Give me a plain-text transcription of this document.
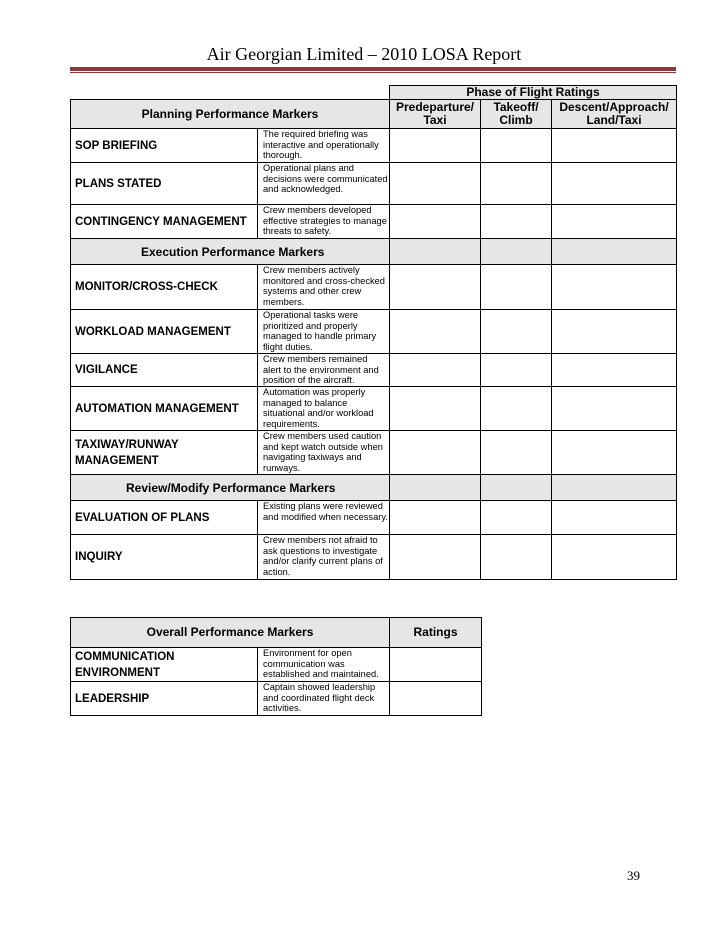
Air Georgian Limited – 2010 LOSA Report
		Phase of Flight Ratings		
Planning Performance Markers		Predeparture/ Taxi	Takeoff/ Climb	Descent/Approach/ Land/Taxi
SOP BRIEFING	The required briefing was interactive and operationally thorough.			
PLANS STATED	Operational plans and decisions were communicated and acknowledged.			
CONTINGENCY MANAGEMENT	Crew members developed effective strategies to manage threats to safety.			
Execution Performance Markers				
MONITOR/CROSS-CHECK	Crew members actively monitored and cross-checked systems and other crew members.			
WORKLOAD MANAGEMENT	Operational tasks were prioritized and properly managed to handle primary flight duties.			
VIGILANCE	Crew members remained alert to the environment and position of the aircraft.			
AUTOMATION MANAGEMENT	Automation was properly managed to balance situational and/or workload requirements.			
TAXIWAY/RUNWAY MANAGEMENT	Crew members used caution and kept watch outside when navigating taxiways and runways.			
Review/Modify Performance Markers				
EVALUATION OF PLANS	Existing plans were reviewed and modified when necessary.			
INQUIRY	Crew members not afraid to ask questions to investigate and/or clarify current plans of action.			
Overall Performance Markers		Ratings
COMMUNICATION ENVIRONMENT	Environment for open communication was established and maintained.	
LEADERSHIP	Captain showed leadership and coordinated flight deck activities.	
39
